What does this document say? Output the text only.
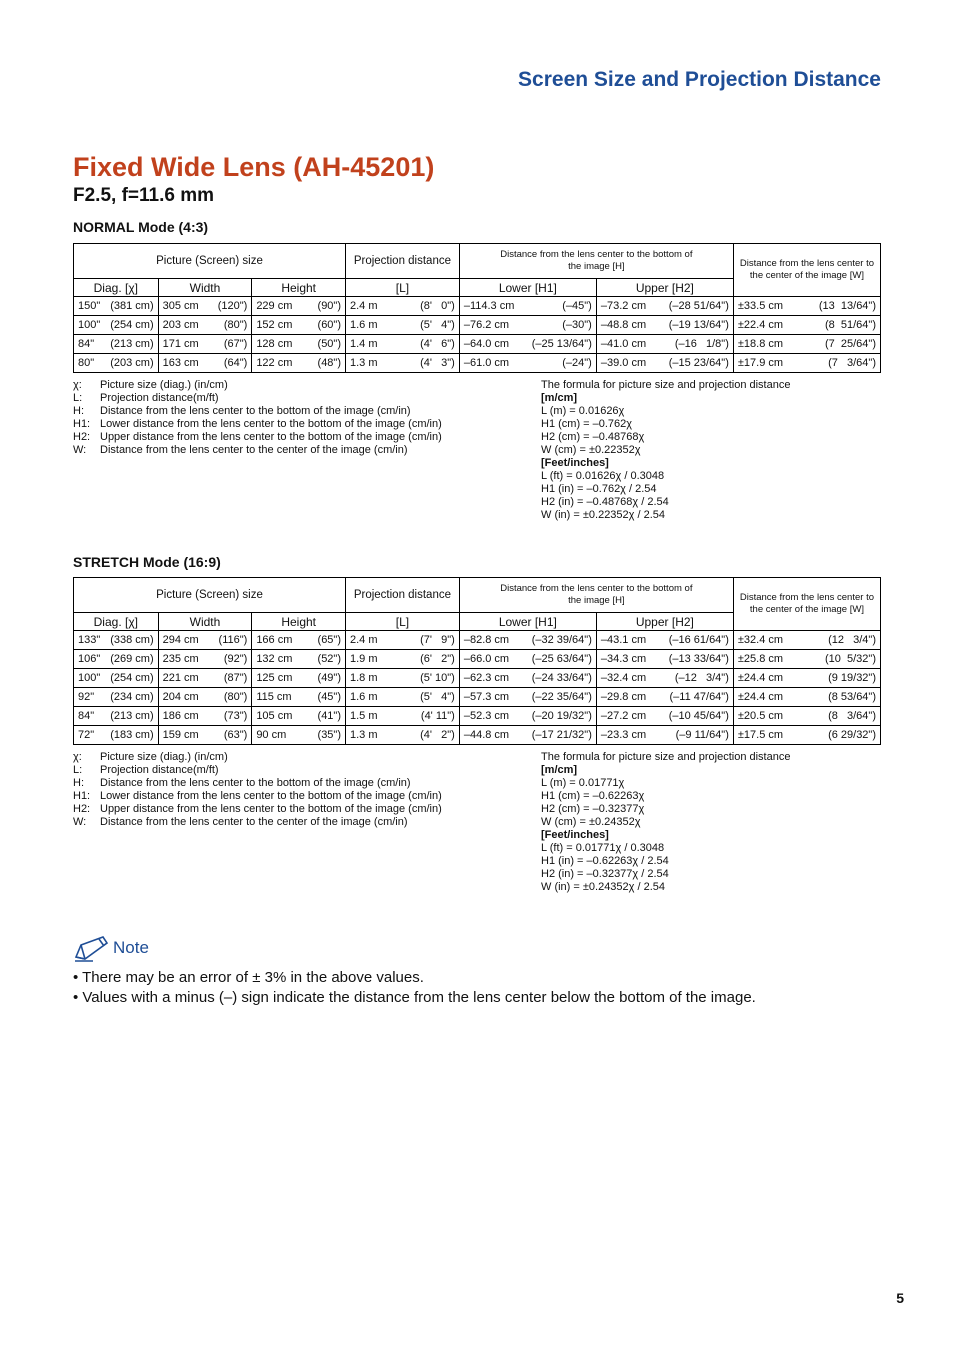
Screen Size and Projection Distance
Fixed Wide Lens (AH-45201)
F2.5, f=11.6 mm
NORMAL Mode (4:3)
Picture (Screen) size			Projection distance	Distance from the lens center to the bottom of the image [H]		Distance from the lens center to the center of the image [W]
Diag. [χ]	Width	Height	[L]	Lower [H1]	Upper [H2]	

150" (381 cm)	305 cm (120")	229 cm (90")	2.4 m (8'   0")	–114.3 cm (–45")	–73.2 cm (–28 51/64")	±33.5 cm (13  13/64")

100" (254 cm)	203 cm (80")	152 cm (60")	1.6 m (5'   4")	–76.2 cm (–30")	–48.8 cm (–19 13/64")	±22.4 cm (8  51/64")

84" (213 cm)	171 cm (67")	128 cm (50")	1.4 m (4'   6")	–64.0 cm (–25 13/64")	–41.0 cm (–16   1/8")	±18.8 cm (7  25/64")

80" (203 cm)	163 cm (64")	122 cm (48")	1.3 m (4'   3")	–61.0 cm (–24")	–39.0 cm (–15 23/64")	±17.9 cm (7   3/64")
χ:	Picture size (diag.) (in/cm)
L:	Projection distance(m/ft)
H:	Distance from the lens center to the bottom of the image (cm/in)
H1: Lower distance from the lens center to the bottom of the image (cm/in)
H2: Upper distance from the lens center to the bottom of the image (cm/in)
W:	Distance from the lens center to the center of the image (cm/in)
The formula for picture size and projection distance
[m/cm]
L (m) = 0.01626χ
H1 (cm) = –0.762χ
H2 (cm) = –0.48768χ
W (cm) = ±0.22352χ
[Feet/inches]
L (ft) = 0.01626χ / 0.3048
H1 (in) = –0.762χ / 2.54
H2 (in) = –0.48768χ / 2.54
W (in) = ±0.22352χ / 2.54
STRETCH Mode (16:9)
Picture (Screen) size			Projection distance	Distance from the lens center to the bottom of the image [H]		Distance from the lens center to the center of the image [W]
Diag. [χ]	Width	Height	[L]	Lower [H1]	Upper [H2]	

133" (338 cm)	294 cm (116")	166 cm (65")	2.4 m (7'   9")	–82.8 cm (–32 39/64")	–43.1 cm (–16 61/64")	±32.4 cm (12   3/4")

106" (269 cm)	235 cm (92")	132 cm (52")	1.9 m (6'   2")	–66.0 cm (–25 63/64")	–34.3 cm (–13 33/64")	±25.8 cm (10  5/32")

100" (254 cm)	221 cm (87")	125 cm (49")	1.8 m (5' 10")	–62.3 cm (–24 33/64")	–32.4 cm (–12   3/4")	±24.4 cm (9 19/32")

92" (234 cm)	204 cm (80")	115 cm (45")	1.6 m (5'   4")	–57.3 cm (–22 35/64")	–29.8 cm (–11 47/64")	±24.4 cm (8 53/64")

84" (213 cm)	186 cm (73")	105 cm (41")	1.5 m (4' 11")	–52.3 cm (–20 19/32")	–27.2 cm (–10 45/64")	±20.5 cm (8   3/64")

72" (183 cm)	159 cm (63")	90 cm (35")	1.3 m (4'   2")	–44.8 cm (–17 21/32")	–23.3 cm (–9 11/64")	±17.5 cm (6 29/32")
χ:	Picture size (diag.) (in/cm)
L:	Projection distance(m/ft)
H:	Distance from the lens center to the bottom of the image (cm/in)
H1: Lower distance from the lens center to the bottom of the image (cm/in)
H2: Upper distance from the lens center to the bottom of the image (cm/in)
W:	Distance from the lens center to the center of the image (cm/in)
The formula for picture size and projection distance
[m/cm]
L (m) = 0.01771χ
H1 (cm) = –0.62263χ
H2 (cm) = –0.32377χ
W (cm) = ±0.24352χ
[Feet/inches]
L (ft) = 0.01771χ / 0.3048
H1 (in) = –0.62263χ / 2.54
H2 (in) = –0.32377χ / 2.54
W (in) = ±0.24352χ / 2.54
Note
• There may be an error of ± 3% in the above values.
• Values with a minus (–) sign indicate the distance from the lens center below the bottom of the image.
5
